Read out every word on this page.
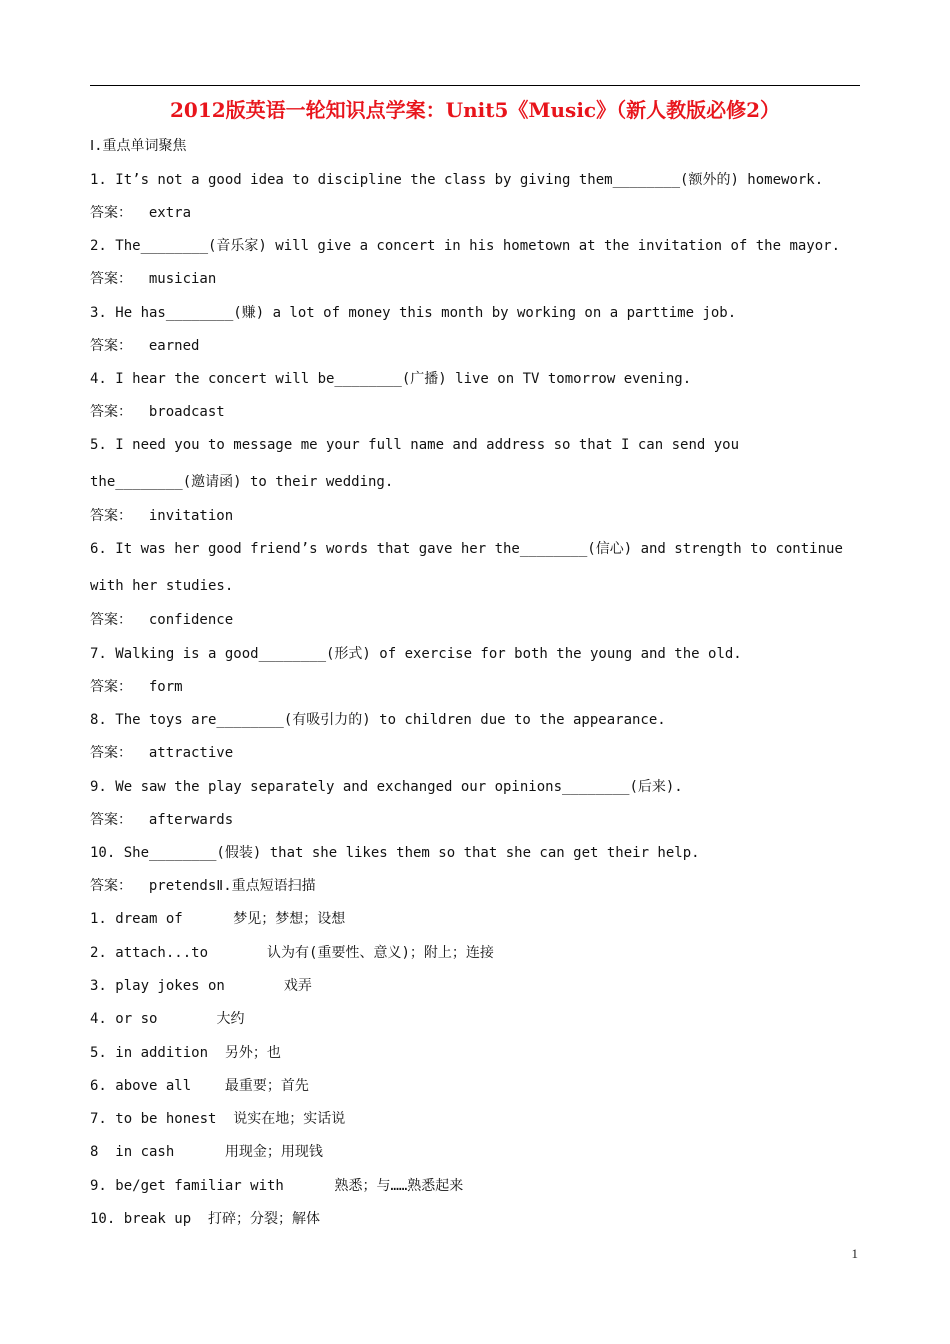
2012版英语一轮知识点学案：Unit5《Music》（新人教版必修2）
Ⅰ.重点单词聚焦
1. It’s not a good idea to discipline the class by giving them________(额外的) homework.
答案： extra
2. The________(音乐家) will give a concert in his hometown at the invitation of the mayor.
答案： musician
3. He has________(赚) a lot of money this month by working on a parttime job.
答案： earned
4. I hear the concert will be________(广播) live on TV tomorrow evening.
答案： broadcast
5. I need you to message me your full name and address so that I can send you the________(邀请函) to their wedding.
答案： invitation
6. It was her good friend’s words that gave her the________(信心) and strength to continue with her studies.
答案： confidence
7. Walking is a good________(形式) of exercise for both the young and the old.
答案： form
8. The toys are________(有吸引力的) to children due to the appearance.
答案： attractive
9. We saw the play separately and exchanged our opinions________(后来).
答案： afterwards
10. She________(假装) that she likes them so that she can get their help.
答案： pretendsⅡ.重点短语扫描
1. dream of	梦见；梦想；设想
2. attach...to	认为有(重要性、意义)；附上；连接
3. play jokes on	戏弄
4. or so	大约
5. in addition 另外；也
6. above all 最重要；首先
7. to be honest 说实在地；实话说
8  in cash	用现金；用现钱
9. be/get familiar with	熟悉；与……熟悉起来
10. break up 打碎；分裂；解体
1
